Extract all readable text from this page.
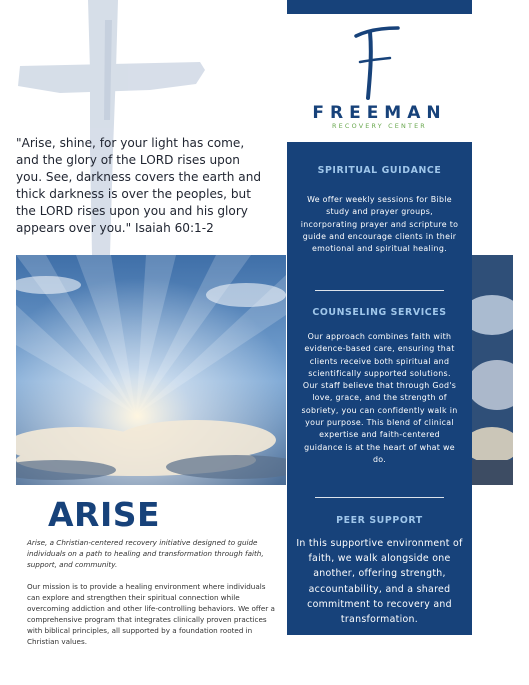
"Arise, shine, for your light has come, and the glory of the LORD rises upon you. See, darkness covers the earth and thick darkness is over the peoples, but the LORD rises upon you and his glory appears over you." Isaiah 60:1-2
FREEMAN
RECOVERY CENTER
SPIRITUAL GUIDANCE
We offer weekly sessions for Bible study and prayer groups, incorporating prayer and scripture to guide and encourage clients in their emotional and spiritual healing.
COUNSELING SERVICES
Our approach combines faith with evidence-based care, ensuring that clients receive both spiritual and scientifically supported solutions. Our staff believe that through God's love, grace, and the strength of sobriety, you can confidently walk in your purpose. This blend of clinical expertise and faith-centered guidance is at the heart of what we do.
PEER SUPPORT
In this supportive environment of faith, we walk alongside one another, offering strength, accountability, and a shared commitment to recovery and transformation.
ARISE
Arise, a Christian-centered recovery initiative designed to guide individuals on a path to healing and transformation through faith, support, and community.
Our mission is to provide a healing environment where individuals can explore and strengthen their spiritual connection while overcoming addiction and other life-controlling behaviors. We offer a comprehensive program that integrates clinically proven practices with biblical principles, all supported by a foundation rooted in Christian values.
